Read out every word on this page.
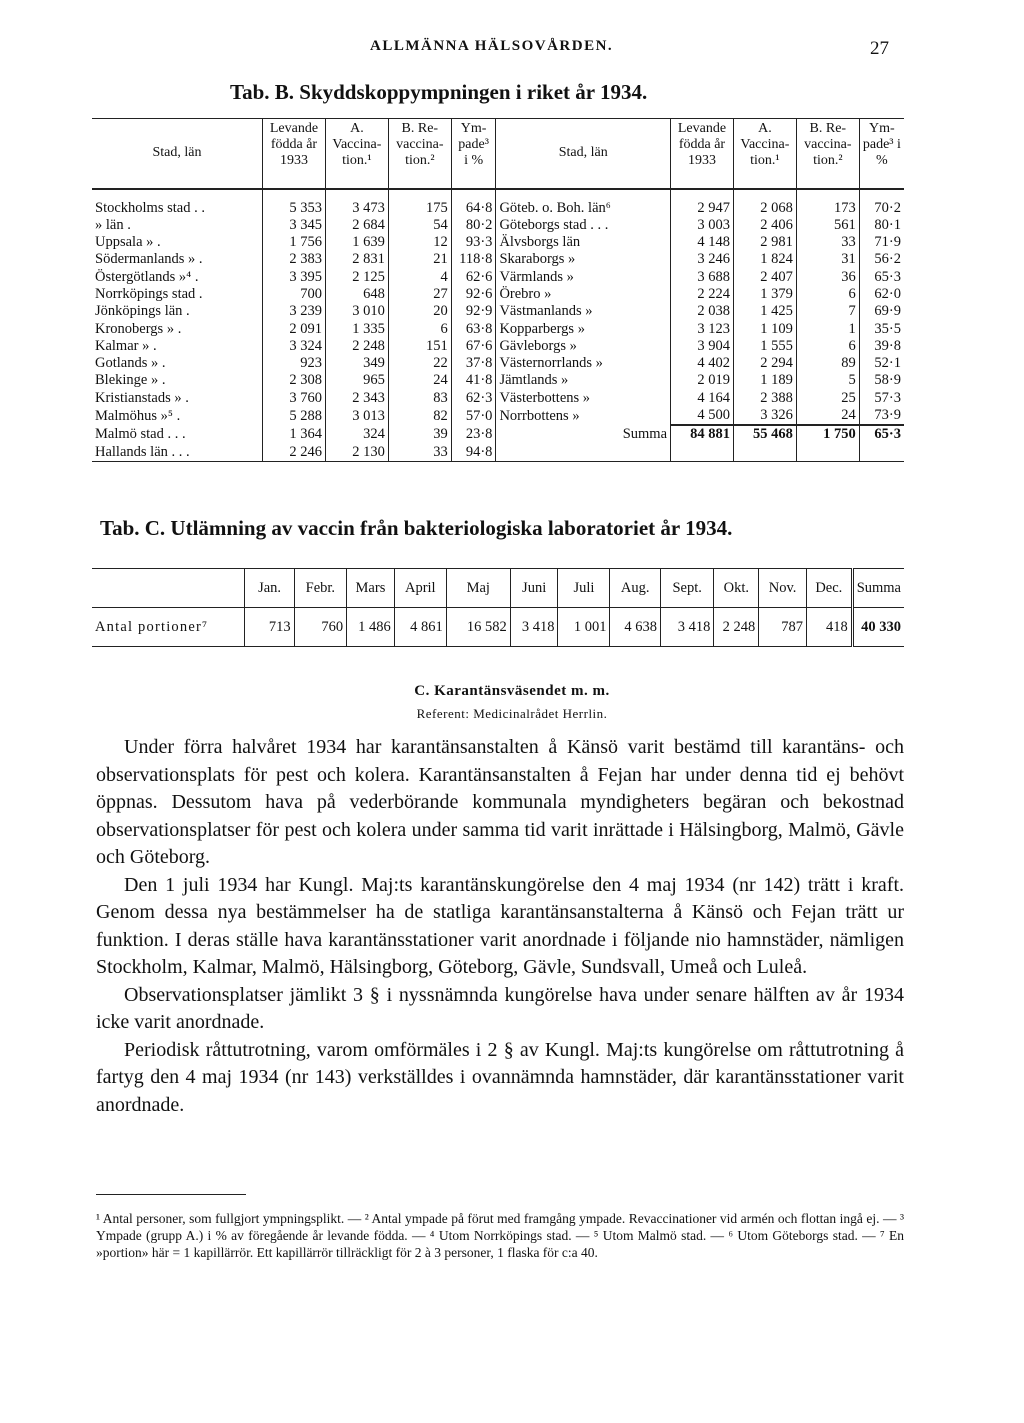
ALLMÄNNA HÄLSOVÅRDEN.	27
Tab. B. Skyddskoppympningen i riket år 1934.
Stad, län	Levande födda år 1933	A. Vaccina-tion.¹	B. Re-vaccina-tion.²	Ym-pade³ i %	Stad, län	Levande födda år 1933	A. Vaccina-tion.¹	B. Re-vaccina-tion.²	Ym-pade³ i %
Stockholms stad . .	5 353	3 473	175	64·8	Göteb. o. Boh. län⁶	2 947	2 068	173	70·2
» län .	3 345	2 684	54	80·2	Göteborgs stad . . .	3 003	2 406	561	80·1
Uppsala » .	1 756	1 639	12	93·3	Älvsborgs län	4 148	2 981	33	71·9
Södermanlands » .	2 383	2 831	21	118·8	Skaraborgs »	3 246	1 824	31	56·2
Östergötlands »⁴ .	3 395	2 125	4	62·6	Värmlands »	3 688	2 407	36	65·3
Norrköpings stad .	700	648	27	92·6	Örebro »	2 224	1 379	6	62·0
Jönköpings län .	3 239	3 010	20	92·9	Västmanlands »	2 038	1 425	7	69·9
Kronobergs » .	2 091	1 335	6	63·8	Kopparbergs »	3 123	1 109	1	35·5
Kalmar » .	3 324	2 248	151	67·6	Gävleborgs »	3 904	1 555	6	39·8
Gotlands » .	923	349	22	37·8	Västernorrlands »	4 402	2 294	89	52·1
Blekinge » .	2 308	965	24	41·8	Jämtlands »	2 019	1 189	5	58·9
Kristianstads » .	3 760	2 343	83	62·3	Västerbottens »	4 164	2 388	25	57·3
Malmöhus »⁵ .	5 288	3 013	82	57·0	Norrbottens »	4 500	3 326	24	73·9
Malmö stad . . .	1 364	324	39	23·8	Summa	84 881	55 468	1 750	65·3
Hallands län . . .	2 246	2 130	33	94·8					
Tab. C. Utlämning av vaccin från bakteriologiska laboratoriet år 1934.
	Jan.	Febr.	Mars	April	Maj	Juni	Juli	Aug.	Sept.	Okt.	Nov.	Dec.	Summa
Antal portioner⁷	713	760	1 486	4 861	16 582	3 418	1 001	4 638	3 418	2 248	787	418	40 330
C. Karantänsväsendet m. m.
Referent: Medicinalrådet Herrlin.

Under förra halvåret 1934 har karantänsanstalten å Känsö varit bestämd till karantäns- och observationsplats för pest och kolera. Karantänsanstalten å Fejan har under denna tid ej behövt öppnas. Dessutom hava på vederbörande kommunala myndigheters begäran och bekostnad observationsplatser för pest och kolera under samma tid varit inrättade i Hälsingborg, Malmö, Gävle och Göteborg.

Den 1 juli 1934 har Kungl. Maj:ts karantänskungörelse den 4 maj 1934 (nr 142) trätt i kraft. Genom dessa nya bestämmelser ha de statliga karantänsanstalterna å Känsö och Fejan trätt ur funktion. I deras ställe hava karantänsstationer varit anordnade i följande nio hamnstäder, nämligen Stockholm, Kalmar, Malmö, Hälsingborg, Göteborg, Gävle, Sundsvall, Umeå och Luleå.

Observationsplatser jämlikt 3 § i nyssnämnda kungörelse hava under senare hälften av år 1934 icke varit anordnade.

Periodisk råttutrotning, varom omförmäles i 2 § av Kungl. Maj:ts kungörelse om råttutrotning å fartyg den 4 maj 1934 (nr 143) verkställdes i ovannämnda hamnstäder, där karantänsstationer varit anordnade.

¹ Antal personer, som fullgjort ympningsplikt. — ² Antal ympade på förut med framgång ympade. Revaccinationer vid armén och flottan ingå ej. — ³ Ympade (grupp A.) i % av föregående år levande födda. — ⁴ Utom Norrköpings stad. — ⁵ Utom Malmö stad. — ⁶ Utom Göteborgs stad. — ⁷ En »portion» här = 1 kapillärrör. Ett kapillärrör tillräckligt för 2 à 3 personer, 1 flaska för c:a 40.
